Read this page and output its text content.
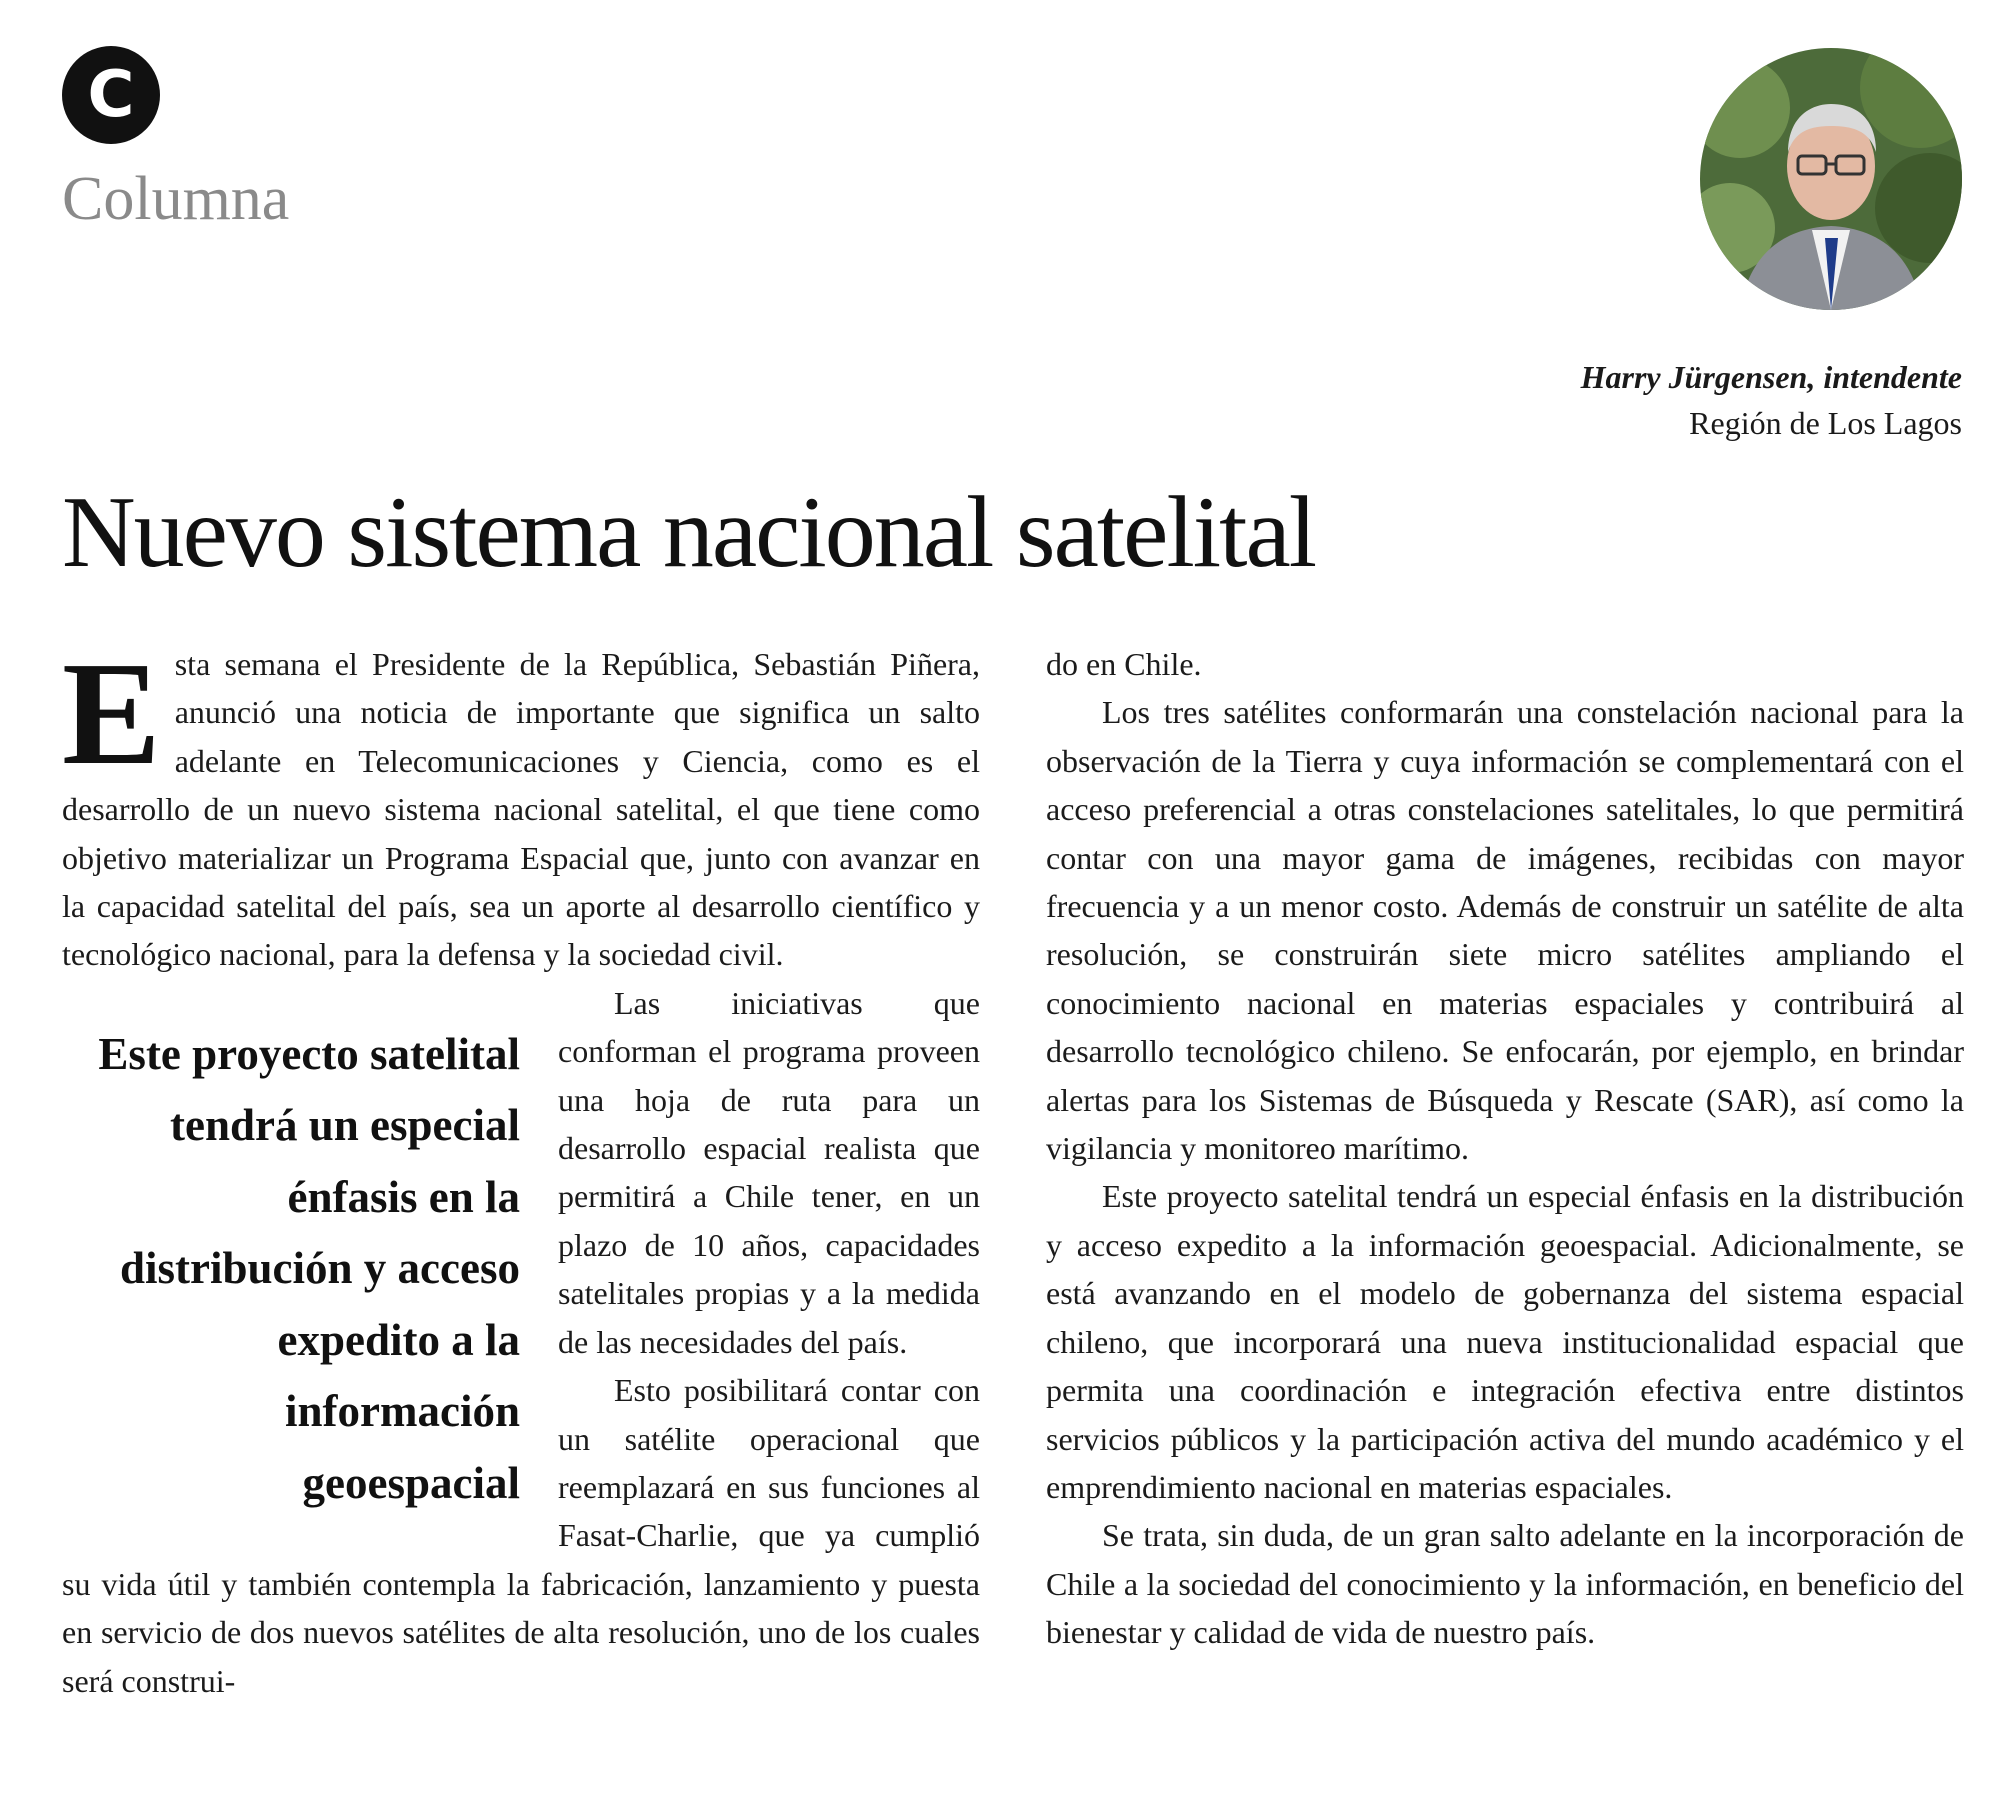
C
Columna
Harry Jürgensen, intendente
Región de Los Lagos
Nuevo sistema nacional satelital

Esta semana el Presidente de la República, Sebastián Piñera, anunció una noticia de importante que significa un salto adelante en Telecomunicaciones y Ciencia, como es el desarrollo de un nuevo sistema nacional satelital, el que tiene como objetivo materializar un Programa Espacial que, junto con avanzar en la capacidad satelital del país, sea un aporte al desarrollo científico y tecnológico nacional, para la defensa y la sociedad civil.

Este proyecto satelital tendrá un especial énfasis en la distribución y acceso expedito a la información geoespacial

Las iniciativas que conforman el programa proveen una hoja de ruta para un desarrollo espacial realista que permitirá a Chile tener, en un plazo de 10 años, capacidades satelitales propias y a la medida de las necesidades del país.

Esto posibilitará contar con un satélite operacional que reemplazará en sus funciones al Fasat-Charlie, que ya cumplió su vida útil y también contempla la fabricación, lanzamiento y puesta en servicio de dos nuevos satélites de alta resolución, uno de los cuales será construi-

do en Chile.

Los tres satélites conformarán una constelación nacional para la observación de la Tierra y cuya información se complementará con el acceso preferencial a otras constelaciones satelitales, lo que permitirá contar con una mayor gama de imágenes, recibidas con mayor frecuencia y a un menor costo. Además de construir un satélite de alta resolución, se construirán siete micro satélites ampliando el conocimiento nacional en materias espaciales y contribuirá al desarrollo tecnológico chileno. Se enfocarán, por ejemplo, en brindar alertas para los Sistemas de Búsqueda y Rescate (SAR), así como la vigilancia y monitoreo marítimo.

Este proyecto satelital tendrá un especial énfasis en la distribución y acceso expedito a la información geoespacial. Adicionalmente, se está avanzando en el modelo de gobernanza del sistema espacial chileno, que incorporará una nueva institucionalidad espacial que permita una coordinación e integración efectiva entre distintos servicios públicos y la participación activa del mundo académico y el emprendimiento nacional en materias espaciales.

Se trata, sin duda, de un gran salto adelante en la incorporación de Chile a la sociedad del conocimiento y la información, en beneficio del bienestar y calidad de vida de nuestro país.
